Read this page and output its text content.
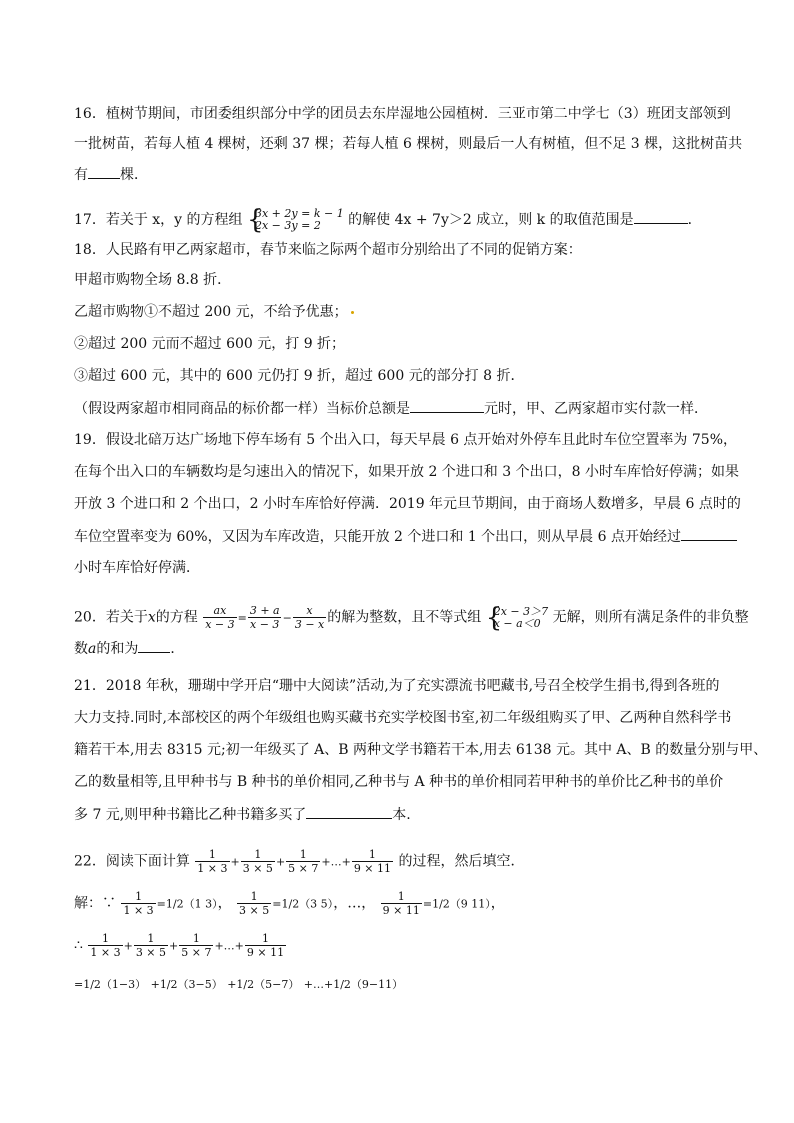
16．植树节期间，市团委组织部分中学的团员去东岸湿地公园植树．三亚市第二中学七（3）班团支部领到
一批树苗，若每人植 4 棵树，还剩 37 棵；若每人植 6 棵树，则最后一人有树植，但不足 3 棵，这批树苗共
有 棵．
17．若关于 x，y 的方程组 {
3x + 2y = k − 1
2x − 3y = 2	的解使 4x + 7y＞2 成立，则 k 的取值范围是	．
18．人民路有甲乙两家超市，春节来临之际两个超市分别给出了不同的促销方案：
甲超市购物全场 8.8 折．
乙超市购物①不超过 200 元，不给予优惠；
②超过 200 元而不超过 600 元，打 9 折；
③超过 600 元，其中的 600 元仍打 9 折，超过 600 元的部分打 8 折．
（假设两家超市相同商品的标价都一样）当标价总额是	元时，甲、乙两家超市实付款一样．
19．假设北碚万达广场地下停车场有 5 个出入口，每天早晨 6 点开始对外停车且此时车位空置率为 75%，
在每个出入口的车辆数均是匀速出入的情况下，如果开放 2 个进口和 3 个出口，8 小时车库恰好停满；如果
开放 3 个进口和 2 个出口，2 小时车库恰好停满．2019 年元旦节期间，由于商场人数增多，早晨 6 点时的
车位空置率变为 60%，又因为车库改造，只能开放 2 个进口和 1 个出口，则从早晨 6 点开始经过
小时车库恰好停满．
20．若关于x的方程 $\frac{ax}{x - 3} = \frac{3 + a}{x - 3} - \frac{x}{3 - x}$ 的解为整数，且不等式组 {
2x − 3＞7
x − a＜0 无解，则所有满足条件的非负整
数a的和为 ．
21．2018 年秋，珊瑚中学开启“珊中大阅读”活动,为了充实漂流书吧藏书,号召全校学生捐书,得到各班的
大力支持.同时,本部校区的两个年级组也购买藏书充实学校图书室,初二年级组购买了甲、乙两种自然科学书
籍若干本,用去 8315 元;初一年级买了 A、B 两种文学书籍若干本,用去 6138 元。其中 A、B 的数量分别与甲、
乙的数量相等,且甲种书与 B 种书的单价相同,乙种书与 A 种书的单价相同若甲种书的单价比乙种书的单价
多 7 元,则甲种书籍比乙种书籍多买了	本.
22．阅读下面计算 $\frac{1}{1 \times 3} + \frac{1}{3 \times 5} + \frac{1}{5 \times 7}$ +…+ $\frac{1}{9 \times 11}$ 的过程，然后填空．
解：∵ $\frac{1}{1 \times 3} =1/2(1$ 3）， $\frac{1}{3 \times 5} =1/2(3$ 5），…， $\frac{1}{9 \times 11} =1/2(9$ 11），
∴ $\frac{1}{1 \times 3} + \frac{1}{3 \times 5} + \frac{1}{5 \times 7}$ +…+ $\frac{1}{9 \times 11}$
=1/2（1−3） +1/2（3−5） +1/2（5−7） +…+1/2（9−11）
